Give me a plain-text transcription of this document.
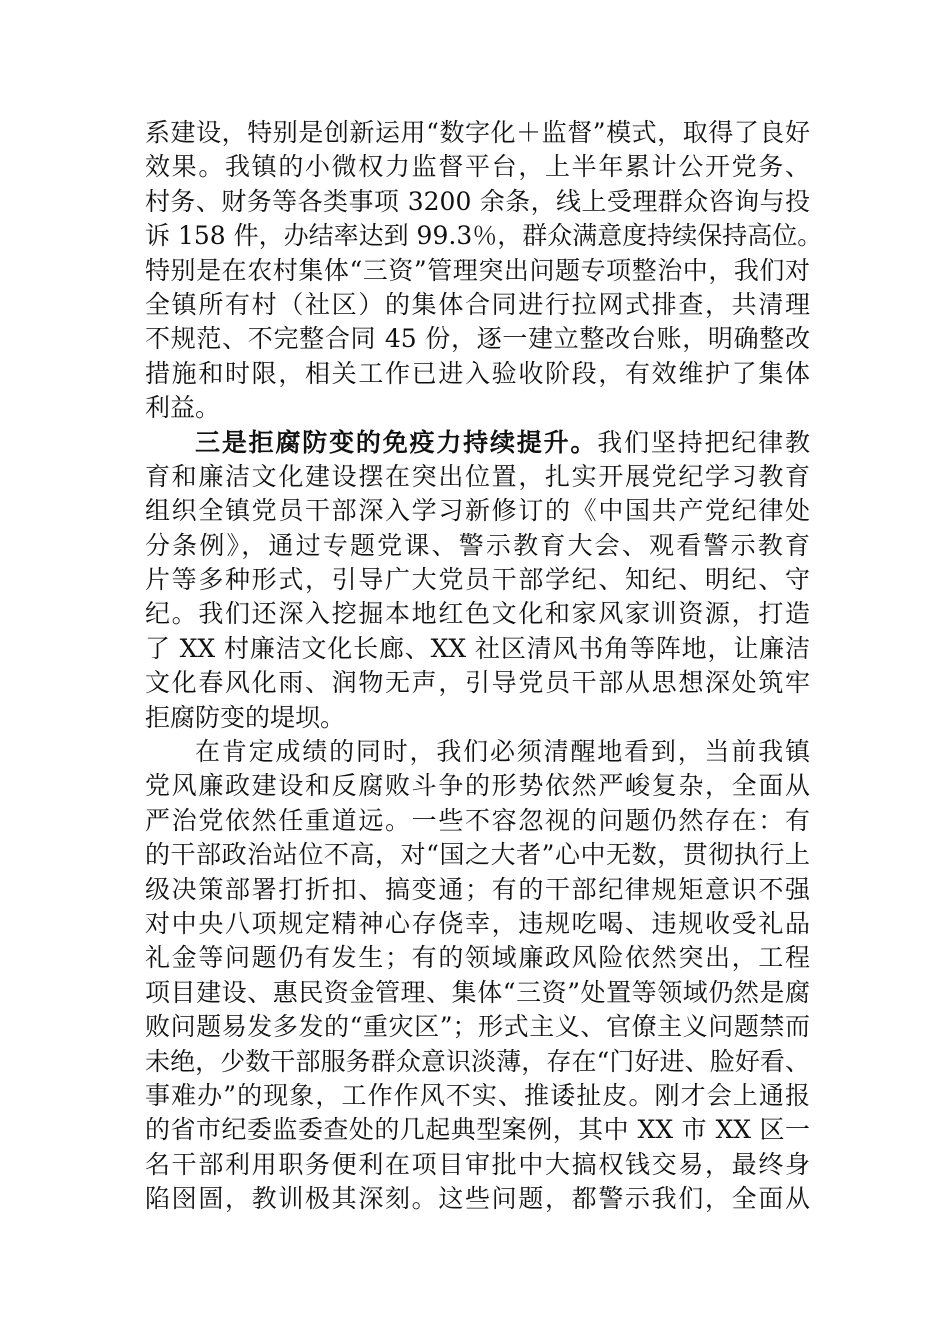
系建设，特别是创新运用“数字化＋监督”模式，取得了良好
效果。我镇的小微权力监督平台，上半年累计公开党务、
村务、财务等各类事项 3200 余条，线上受理群众咨询与投
诉 158 件，办结率达到 99.3％，群众满意度持续保持高位。
特别是在农村集体“三资”管理突出问题专项整治中，我们对
全镇所有村（社区）的集体合同进行拉网式排查，共清理
不规范、不完整合同 45 份，逐一建立整改台账，明确整改
措施和时限，相关工作已进入验收阶段，有效维护了集体
利益。
三是拒腐防变的免疫力持续提升。我们坚持把纪律教
育和廉洁文化建设摆在突出位置，扎实开展党纪学习教育
组织全镇党员干部深入学习新修订的《中国共产党纪律处
分条例》，通过专题党课、警示教育大会、观看警示教育
片等多种形式，引导广大党员干部学纪、知纪、明纪、守
纪。我们还深入挖掘本地红色文化和家风家训资源，打造
了 XX 村廉洁文化长廊、XX 社区清风书角等阵地，让廉洁
文化春风化雨、润物无声，引导党员干部从思想深处筑牢
拒腐防变的堤坝。
在肯定成绩的同时，我们必须清醒地看到，当前我镇
党风廉政建设和反腐败斗争的形势依然严峻复杂，全面从
严治党依然任重道远。一些不容忽视的问题仍然存在：有
的干部政治站位不高，对“国之大者”心中无数，贯彻执行上
级决策部署打折扣、搞变通；有的干部纪律规矩意识不强
对中央八项规定精神心存侥幸，违规吃喝、违规收受礼品
礼金等问题仍有发生；有的领域廉政风险依然突出，工程
项目建设、惠民资金管理、集体“三资”处置等领域仍然是腐
败问题易发多发的“重灾区”；形式主义、官僚主义问题禁而
未绝，少数干部服务群众意识淡薄，存在“门好进、脸好看、
事难办”的现象，工作作风不实、推诿扯皮。刚才会上通报
的省市纪委监委查处的几起典型案例，其中 XX 市 XX 区一
名干部利用职务便利在项目审批中大搞权钱交易，最终身
陷囹圄，教训极其深刻。这些问题，都警示我们，全面从
